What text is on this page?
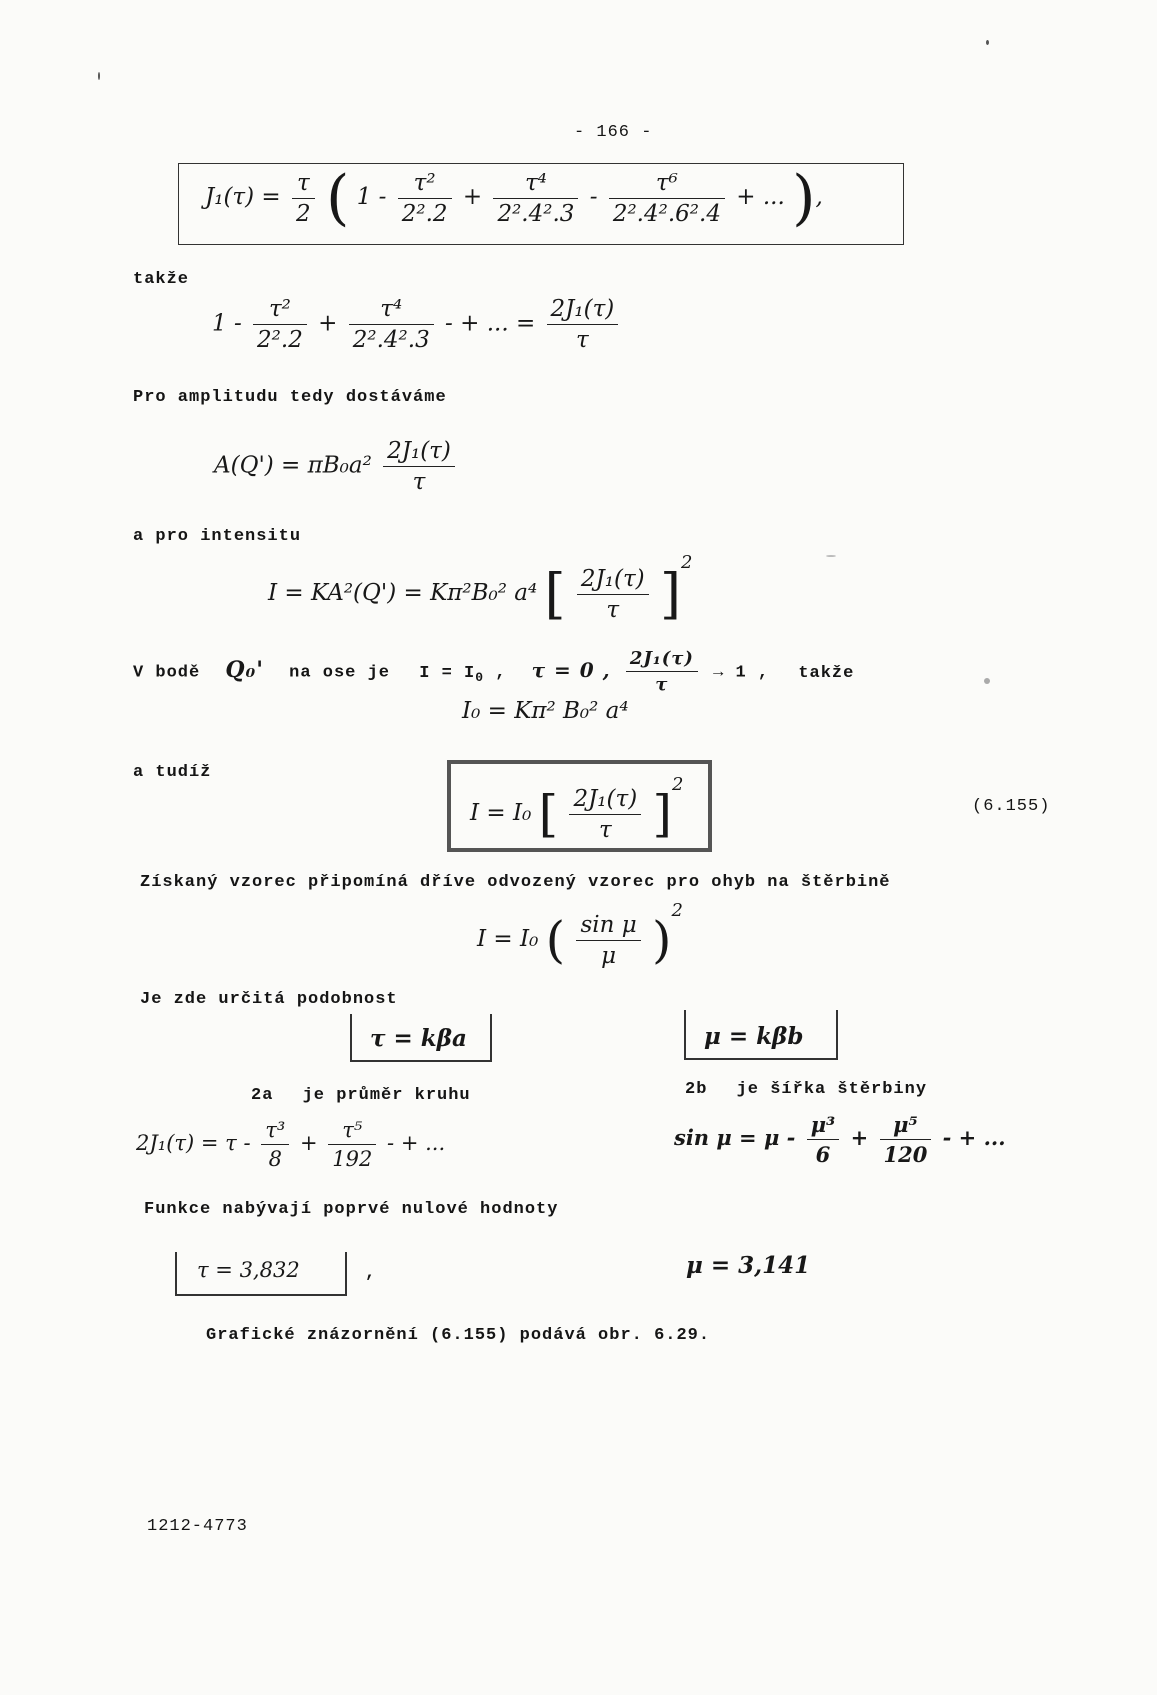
- 166 -
$J_1(\tau) = \frac{\tau}{2}$ ( $1 - \frac{\text{τ²}}{\text{2².2}} + \frac{\text{τ⁴}}{\text{2².4².3}} - \frac{\text{τ⁶}}{\text{2².4².6².4}}$ + ... ),
takže
$1 - \frac{\text{τ²}}{\text{2².2}} + \frac{\text{τ⁴}}{\text{2².4².3}}$ - + ... = $\frac{\text{2J₁(τ)}}{\tau}$
Pro amplitudu tedy dostáváme
$A(Q') = \pi B_0a^2 \frac{\text{2J₁(τ)}}{\tau}$
a pro intensitu
I = KA²(Q') = Kπ²B₀² a⁴ [ $\frac{\text{2J₁(τ)}}{\tau} ]^2$
V bodě Q₀' na ose je $I = I_0$ , τ = 0 , $\frac{\text{2J₁(τ)}}{\tau} \to 1$ , takže
I₀ = Kπ² B₀² a⁴
a tudíž
I = I₀ [ $\frac{\text{2J₁(τ)}}{\tau} ]^2$
(6.155)
Získaný vzorec připomíná dříve odvozený vzorec pro ohyb na štěrbině
I = I₀ ( $\frac{\text{sin μ}}{\mu} )^2$
Je zde určitá podobnost
τ = kβa	μ = kβb
2a je průměr kruhu	2b je šířka štěrbiny
$2J_1(\tau) = \tau - \frac{\text{τ³}}{8} + \frac{\text{τ⁵}}{192}$ - + ...	$\sin \mu = \mu - \frac{\text{μ³}}{6} + \frac{\text{μ⁵}}{120}$ - + ...
Funkce nabývají poprvé nulové hodnoty
τ = 3,832	,	μ = 3,141
Grafické znázornění (6.155) podává obr. 6.29.
1212-4773
